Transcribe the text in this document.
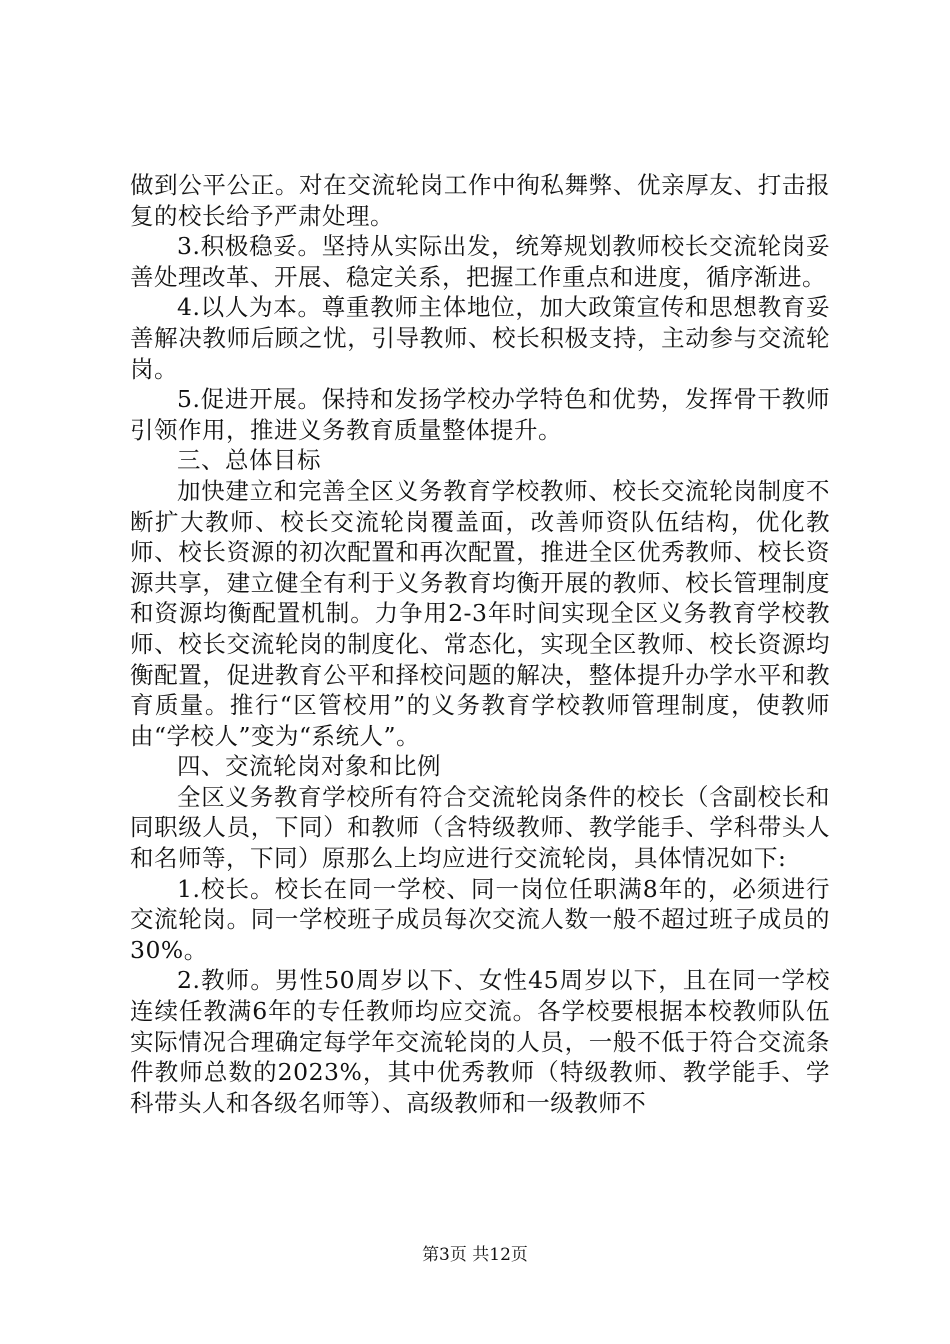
做到公平公正。对在交流轮岗工作中徇私舞弊、优亲厚友、打击报复的校长给予严肃处理。

3.积极稳妥。坚持从实际出发，统筹规划教师校长交流轮岗妥善处理改革、开展、稳定关系，把握工作重点和进度，循序渐进。

4.以人为本。尊重教师主体地位，加大政策宣传和思想教育妥善解决教师后顾之忧，引导教师、校长积极支持，主动参与交流轮岗。

5.促进开展。保持和发扬学校办学特色和优势，发挥骨干教师引领作用，推进义务教育质量整体提升。

三、总体目标

加快建立和完善全区义务教育学校教师、校长交流轮岗制度不断扩大教师、校长交流轮岗覆盖面，改善师资队伍结构，优化教师、校长资源的初次配置和再次配置，推进全区优秀教师、校长资源共享，建立健全有利于义务教育均衡开展的教师、校长管理制度和资源均衡配置机制。力争用2-3年时间实现全区义务教育学校教师、校长交流轮岗的制度化、常态化，实现全区教师、校长资源均衡配置，促进教育公平和择校问题的解决，整体提升办学水平和教育质量。推行“区管校用”的义务教育学校教师管理制度，使教师由“学校人”变为“系统人”。

四、交流轮岗对象和比例

全区义务教育学校所有符合交流轮岗条件的校长（含副校长和同职级人员，下同）和教师（含特级教师、教学能手、学科带头人和名师等，下同）原那么上均应进行交流轮岗，具体情况如下:

1.校长。校长在同一学校、同一岗位任职满8年的，必须进行交流轮岗。同一学校班子成员每次交流人数一般不超过班子成员的30%。

2.教师。男性50周岁以下、女性45周岁以下，且在同一学校连续任教满6年的专任教师均应交流。各学校要根据本校教师队伍实际情况合理确定每学年交流轮岗的人员，一般不低于符合交流条件教师总数的2023%，其中优秀教师（特级教师、教学能手、学科带头人和各级名师等）、高级教师和一级教师不

第3页 共12页
